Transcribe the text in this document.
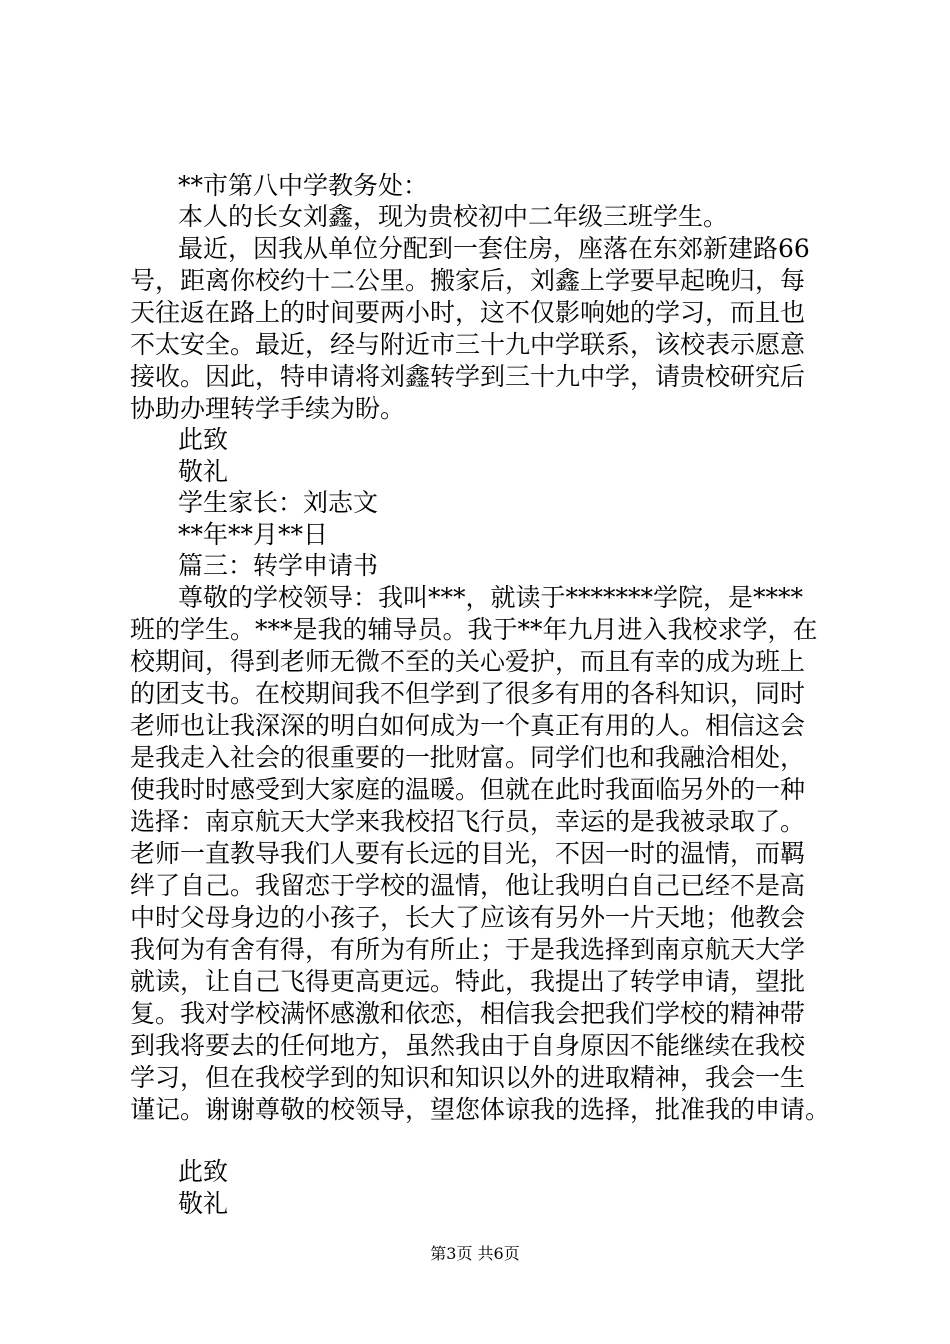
**市第八中学教务处：

本人的长女刘鑫，现为贵校初中二年级三班学生。

最近，因我从单位分配到一套住房，座落在东郊新建路66

号，距离你校约十二公里。搬家后，刘鑫上学要早起晚归，每

天往返在路上的时间要两小时，这不仅影响她的学习，而且也

不太安全。最近，经与附近市三十九中学联系，该校表示愿意

接收。因此，特申请将刘鑫转学到三十九中学，请贵校研究后

协助办理转学手续为盼。

此致

敬礼

学生家长：刘志文

**年**月**日

篇三：转学申请书

尊敬的学校领导：我叫***，就读于*******学院，是****

班的学生。***是我的辅导员。我于**年九月进入我校求学，在

校期间，得到老师无微不至的关心爱护，而且有幸的成为班上

的团支书。在校期间我不但学到了很多有用的各科知识，同时

老师也让我深深的明白如何成为一个真正有用的人。相信这会

是我走入社会的很重要的一批财富。同学们也和我融洽相处，

使我时时感受到大家庭的温暖。但就在此时我面临另外的一种

选择：南京航天大学来我校招飞行员，幸运的是我被录取了。

老师一直教导我们人要有长远的目光，不因一时的温情，而羁

绊了自己。我留恋于学校的温情，他让我明白自己已经不是高

中时父母身边的小孩子，长大了应该有另外一片天地；他教会

我何为有舍有得，有所为有所止；于是我选择到南京航天大学

就读，让自己飞得更高更远。特此，我提出了转学申请，望批

复。我对学校满怀感激和依恋，相信我会把我们学校的精神带

到我将要去的任何地方，虽然我由于自身原因不能继续在我校

学习，但在我校学到的知识和知识以外的进取精神，我会一生

谨记。谢谢尊敬的校领导，望您体谅我的选择，批准我的申请。

此致

敬礼

第3页 共6页
